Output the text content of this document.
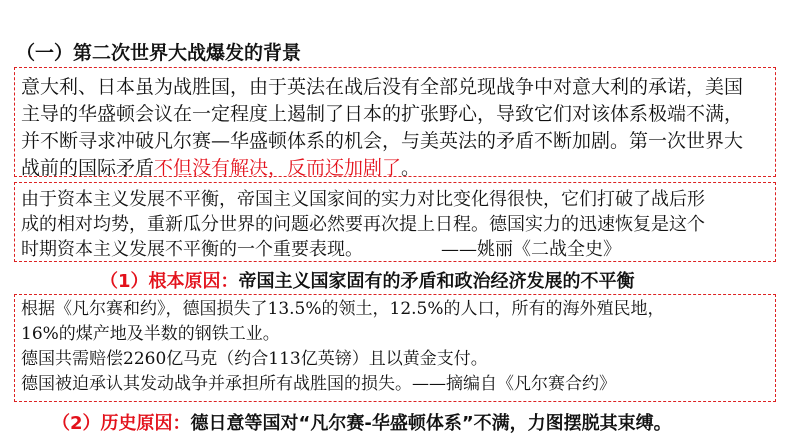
（一）第二次世界大战爆发的背景

意大利、日本虽为战胜国，由于英法在战后没有全部兑现战争中对意大利的承诺，美国

主导的华盛顿会议在一定程度上遏制了日本的扩张野心，导致它们对该体系极端不满，

并不断寻求冲破凡尔赛—华盛顿体系的机会，与美英法的矛盾不断加剧。第一次世界大

战前的国际矛盾不但没有解决，反而还加剧了。

由于资本主义发展不平衡，帝国主义国家间的实力对比变化得很快，它们打破了战后形

成的相对均势，重新瓜分世界的问题必然要再次提上日程。德国实力的迅速恢复是这个

时期资本主义发展不平衡的一个重要表现。	——姚丽《二战全史》

（1）根本原因：帝国主义国家固有的矛盾和政治经济发展的不平衡

根据《凡尔赛和约》，德国损失了13.5%的领土，12.5%的人口，所有的海外殖民地，

16%的煤产地及半数的钢铁工业。

德国共需赔偿2260亿马克（约合113亿英镑）且以黄金支付。

德国被迫承认其发动战争并承担所有战胜国的损失。——摘编自《凡尔赛合约》

（2）历史原因：德日意等国对“凡尔赛-华盛顿体系”不满，力图摆脱其束缚。
